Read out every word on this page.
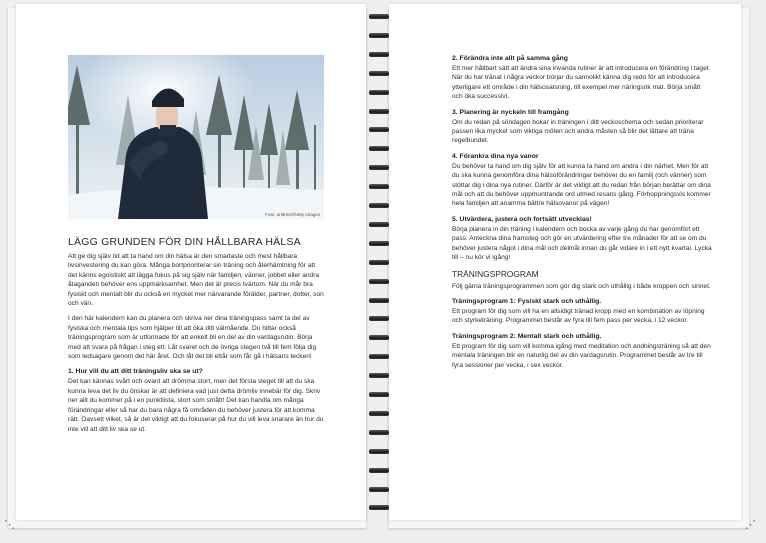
⋱	⋰
Foto: andresr/Getty Images
LÄGG GRUNDEN FÖR DIN HÅLLBARA HÄLSA

Att ge dig själv tid att ta hand om din hälsa är den smartaste och mest hållbara livsinvestering du kan göra. Många bortprioriterar sin träning och återhämtning för att det känns egoistiskt att lägga fokus på sig själv när familjen, vänner, jobbet eller andra åtaganden behöver ens uppmärksamhet. Men det är precis tvärtom. När du mår bra fysiskt och mentalt blir du också en mycket mer närvarande förälder, partner, dotter, son och vän.

I den här kalendern kan du planera och skriva ner dina träningspass samt ta del av fysiska och mentala tips som hjälper till att öka ditt välmående. Du hittar också träningsprogram som är utformade för att enkelt bli en del av din vardagsrutin. Börja med att svara på frågan i steg ett. Låt svaret och de övriga stegen två till fem följa dig som ledsagare genom det här året. Och låt det bli ettår som får gå i hälsans tecken!

1. Hur vill du att ditt träningsliv ska se ut?

Det kan kännas svårt och ovant att drömma stort, men det första steget till att du ska kunna leva det liv du önskar är att definiera vad just detta drömliv innebär för dig. Skriv ner allt du kommer på i en punktlista, stort som smått! Det kan handla om många förändringar eller så har du bara några få områden du behöver justera för att komma rätt. Oavsett vilket, så är det viktigt att du fokuserar på hur du vill leva snarare än hur du inte vill att ditt liv ska se ut.

2. Förändra inte allt på samma gång

Ett mer hållbart sätt att ändra sina invanda rutiner är att introducera en förändring i taget. När du har tränat i några veckor börjar du sannolikt känna dig redo för att introducera ytterligare ett område i din hälsosatsning, till exempel mer näringsrik mat. Börja smått och öka successivt.

3. Planering är nyckeln till framgång

Om du redan på söndagen bokar in träningen i ditt veckoschema och sedan prioriterar passen lika mycket som viktiga möten och andra måsten så blir det lättare att träna regelbundet.

4. Förankra dina nya vanor

Du behöver ta hand om dig själv för att kunna ta hand om andra i din närhet. Men för att du ska kunna genomföra dina hälsoförändringar behöver du en familj (och vänner) som stöttar dig i dina nya rutiner. Därför är det viktigt att du redan från början berättar om dina mål och att du behöver uppmuntrande ord utmed resans gång. Förhoppningsvis kommer hela familjen att anamma bättre hälsovanor på vägen!

5. Utvärdera, justera och fortsätt utvecklas!

Börja planera in din träning i kalendern och bocka av varje gång du har genomfört ett pass. Anteckna dina framsteg och gör en utvärdering efter tre månader för att se om du behöver justera något i dina mål och delmål innan du går vidare in i ett nytt kvartal. Lycka till – nu kör vi igång!

TRÄNINGSPROGRAM

Följ gärna träningsprogrammen som gör dig stark och uthållig i både kroppen och sinnet.

Träningsprogram 1: Fysiskt stark och uthållig.

Ett program för dig som vill ha en allsidigt tränad kropp med en kombination av löpning och styrketräning. Programmet består av fyra till fem pass per vecka, i 12 veckor.

Träningsprogram 2: Mentalt stark och uthållig.

Ett program för dig som vill komma igång med meditation och andningsträning så att den mentala träningen blir en naturlig del av din vardagsrutin. Programmet består av tre till fyra sessioner per vecka, i sex veckor.
